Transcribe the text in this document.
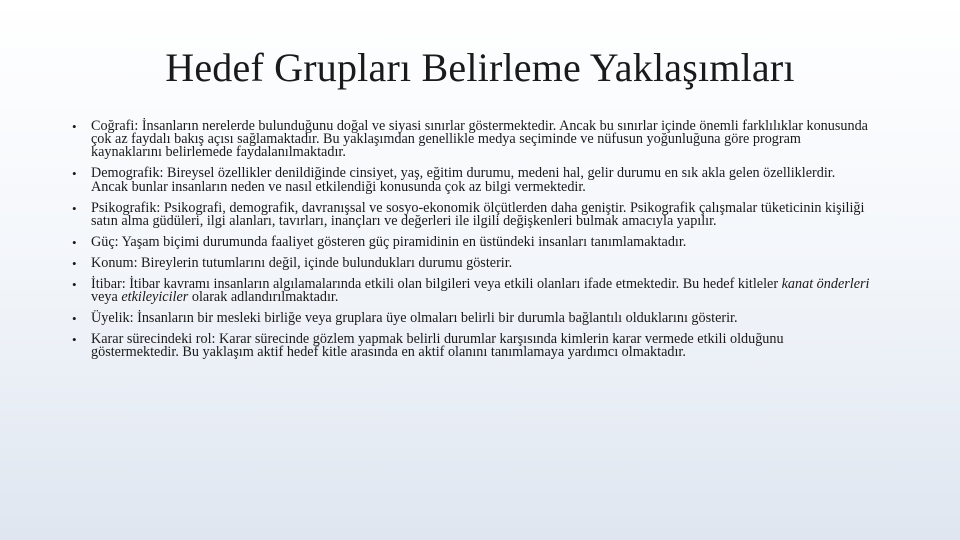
Hedef Grupları Belirleme Yaklaşımları
• Coğrafi: İnsanların nerelerde bulunduğunu doğal ve siyasi sınırlar göstermektedir. Ancak bu sınırlar içinde önemli farklılıklar konusunda çok az faydalı bakış açısı sağlamaktadır. Bu yaklaşımdan genellikle medya seçiminde ve nüfusun yoğunluğuna göre program kaynaklarını belirlemede faydalanılmaktadır.
• Demografik: Bireysel özellikler denildiğinde cinsiyet, yaş, eğitim durumu, medeni hal, gelir durumu en sık akla gelen özelliklerdir. Ancak bunlar insanların neden ve nasıl etkilendiği konusunda çok az bilgi vermektedir.
• Psikografik: Psikografi, demografik, davranışsal ve sosyo-ekonomik ölçütlerden daha geniştir. Psikografik çalışmalar tüketicinin kişiliği satın alma güdüleri, ilgi alanları, tavırları, inançları ve değerleri ile ilgili değişkenleri bulmak amacıyla yapılır.
• Güç: Yaşam biçimi durumunda faaliyet gösteren güç piramidinin en üstündeki insanları tanımlamaktadır.
• Konum: Bireylerin tutumlarını değil, içinde bulundukları durumu gösterir.
• İtibar: İtibar kavramı insanların algılamalarında etkili olan bilgileri veya etkili olanları ifade etmektedir. Bu hedef kitleler kanat önderleri veya etkileyiciler olarak adlandırılmaktadır.
• Üyelik: İnsanların bir mesleki birliğe veya gruplara üye olmaları belirli bir durumla bağlantılı olduklarını gösterir.
• Karar sürecindeki rol: Karar sürecinde gözlem yapmak belirli durumlar karşısında kimlerin karar vermede etkili olduğunu göstermektedir. Bu yaklaşım aktif hedef kitle arasında en aktif olanını tanımlamaya yardımcı olmaktadır.
